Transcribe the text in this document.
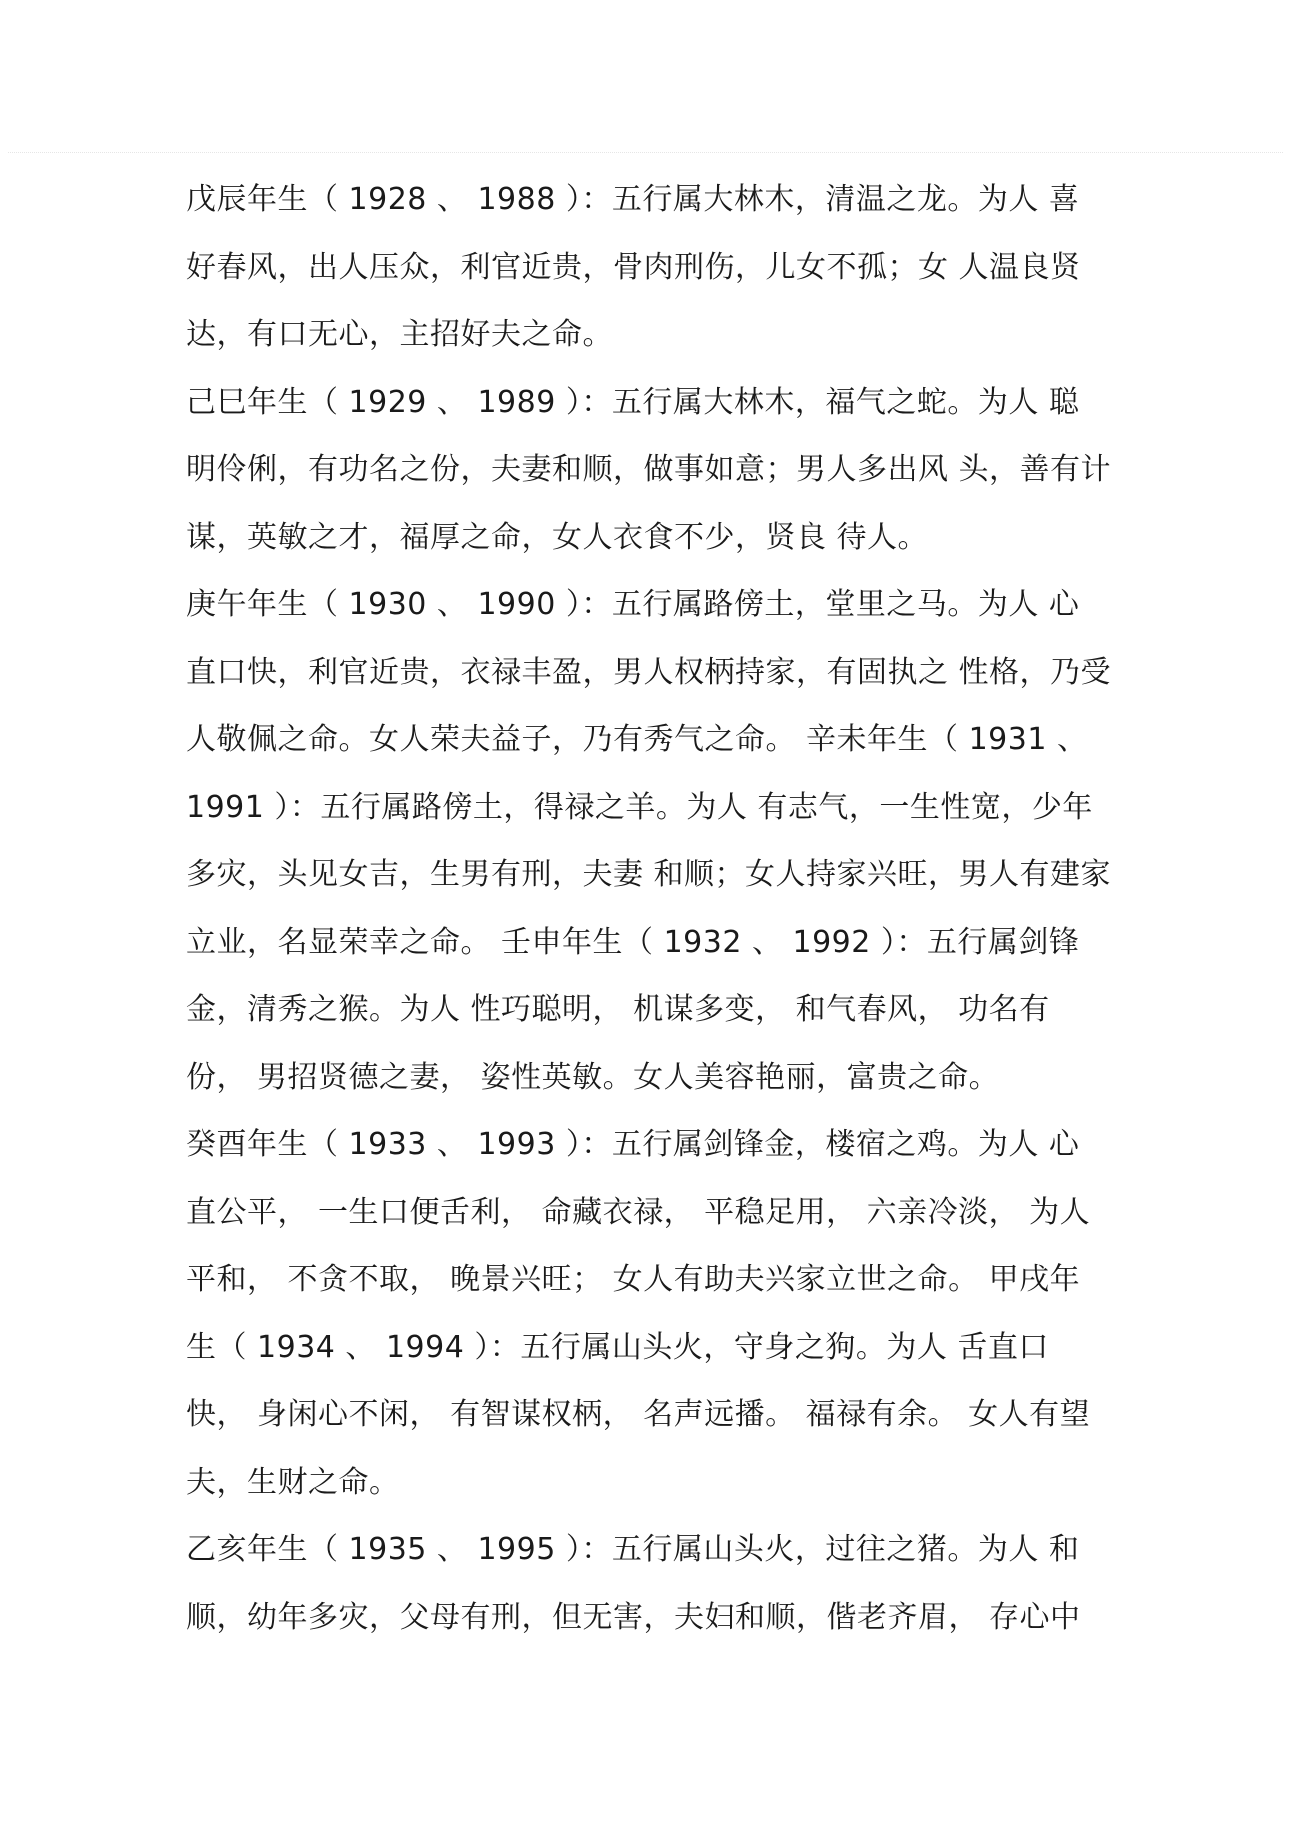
戊辰年生（ 1928 、 1988 ）：五行属大林木，清温之龙。为人 喜
好春风，出人压众，利官近贵，骨肉刑伤，儿女不孤；女 人温良贤
达，有口无心，主招好夫之命。
己巳年生（ 1929 、 1989 ）：五行属大林木，福气之蛇。为人 聪
明伶俐，有功名之份，夫妻和顺，做事如意；男人多出风 头，善有计
谋，英敏之才，福厚之命，女人衣食不少，贤良 待人。
庚午年生（ 1930 、 1990 ）：五行属路傍土，堂里之马。为人 心
直口快，利官近贵，衣禄丰盈，男人权柄持家，有固执之 性格，乃受
人敬佩之命。女人荣夫益子，乃有秀气之命。 辛未年生（ 1931 、
1991 ）：五行属路傍土，得禄之羊。为人 有志气，一生性宽，少年
多灾，头见女吉，生男有刑，夫妻 和顺；女人持家兴旺，男人有建家
立业，名显荣幸之命。 壬申年生（ 1932 、 1992 ）：五行属剑锋
金，清秀之猴。为人 性巧聪明， 机谋多变， 和气春风， 功名有
份， 男招贤德之妻， 姿性英敏。女人美容艳丽，富贵之命。
癸酉年生（ 1933 、 1993 ）：五行属剑锋金，楼宿之鸡。为人 心
直公平， 一生口便舌利， 命藏衣禄， 平稳足用， 六亲冷淡， 为人
平和， 不贪不取， 晚景兴旺； 女人有助夫兴家立世之命。 甲戌年
生（ 1934 、 1994 ）：五行属山头火，守身之狗。为人 舌直口
快， 身闲心不闲， 有智谋权柄， 名声远播。 福禄有余。 女人有望
夫，生财之命。
乙亥年生（ 1935 、 1995 ）：五行属山头火，过往之猪。为人 和
顺，幼年多灾，父母有刑，但无害，夫妇和顺，偕老齐眉， 存心中
